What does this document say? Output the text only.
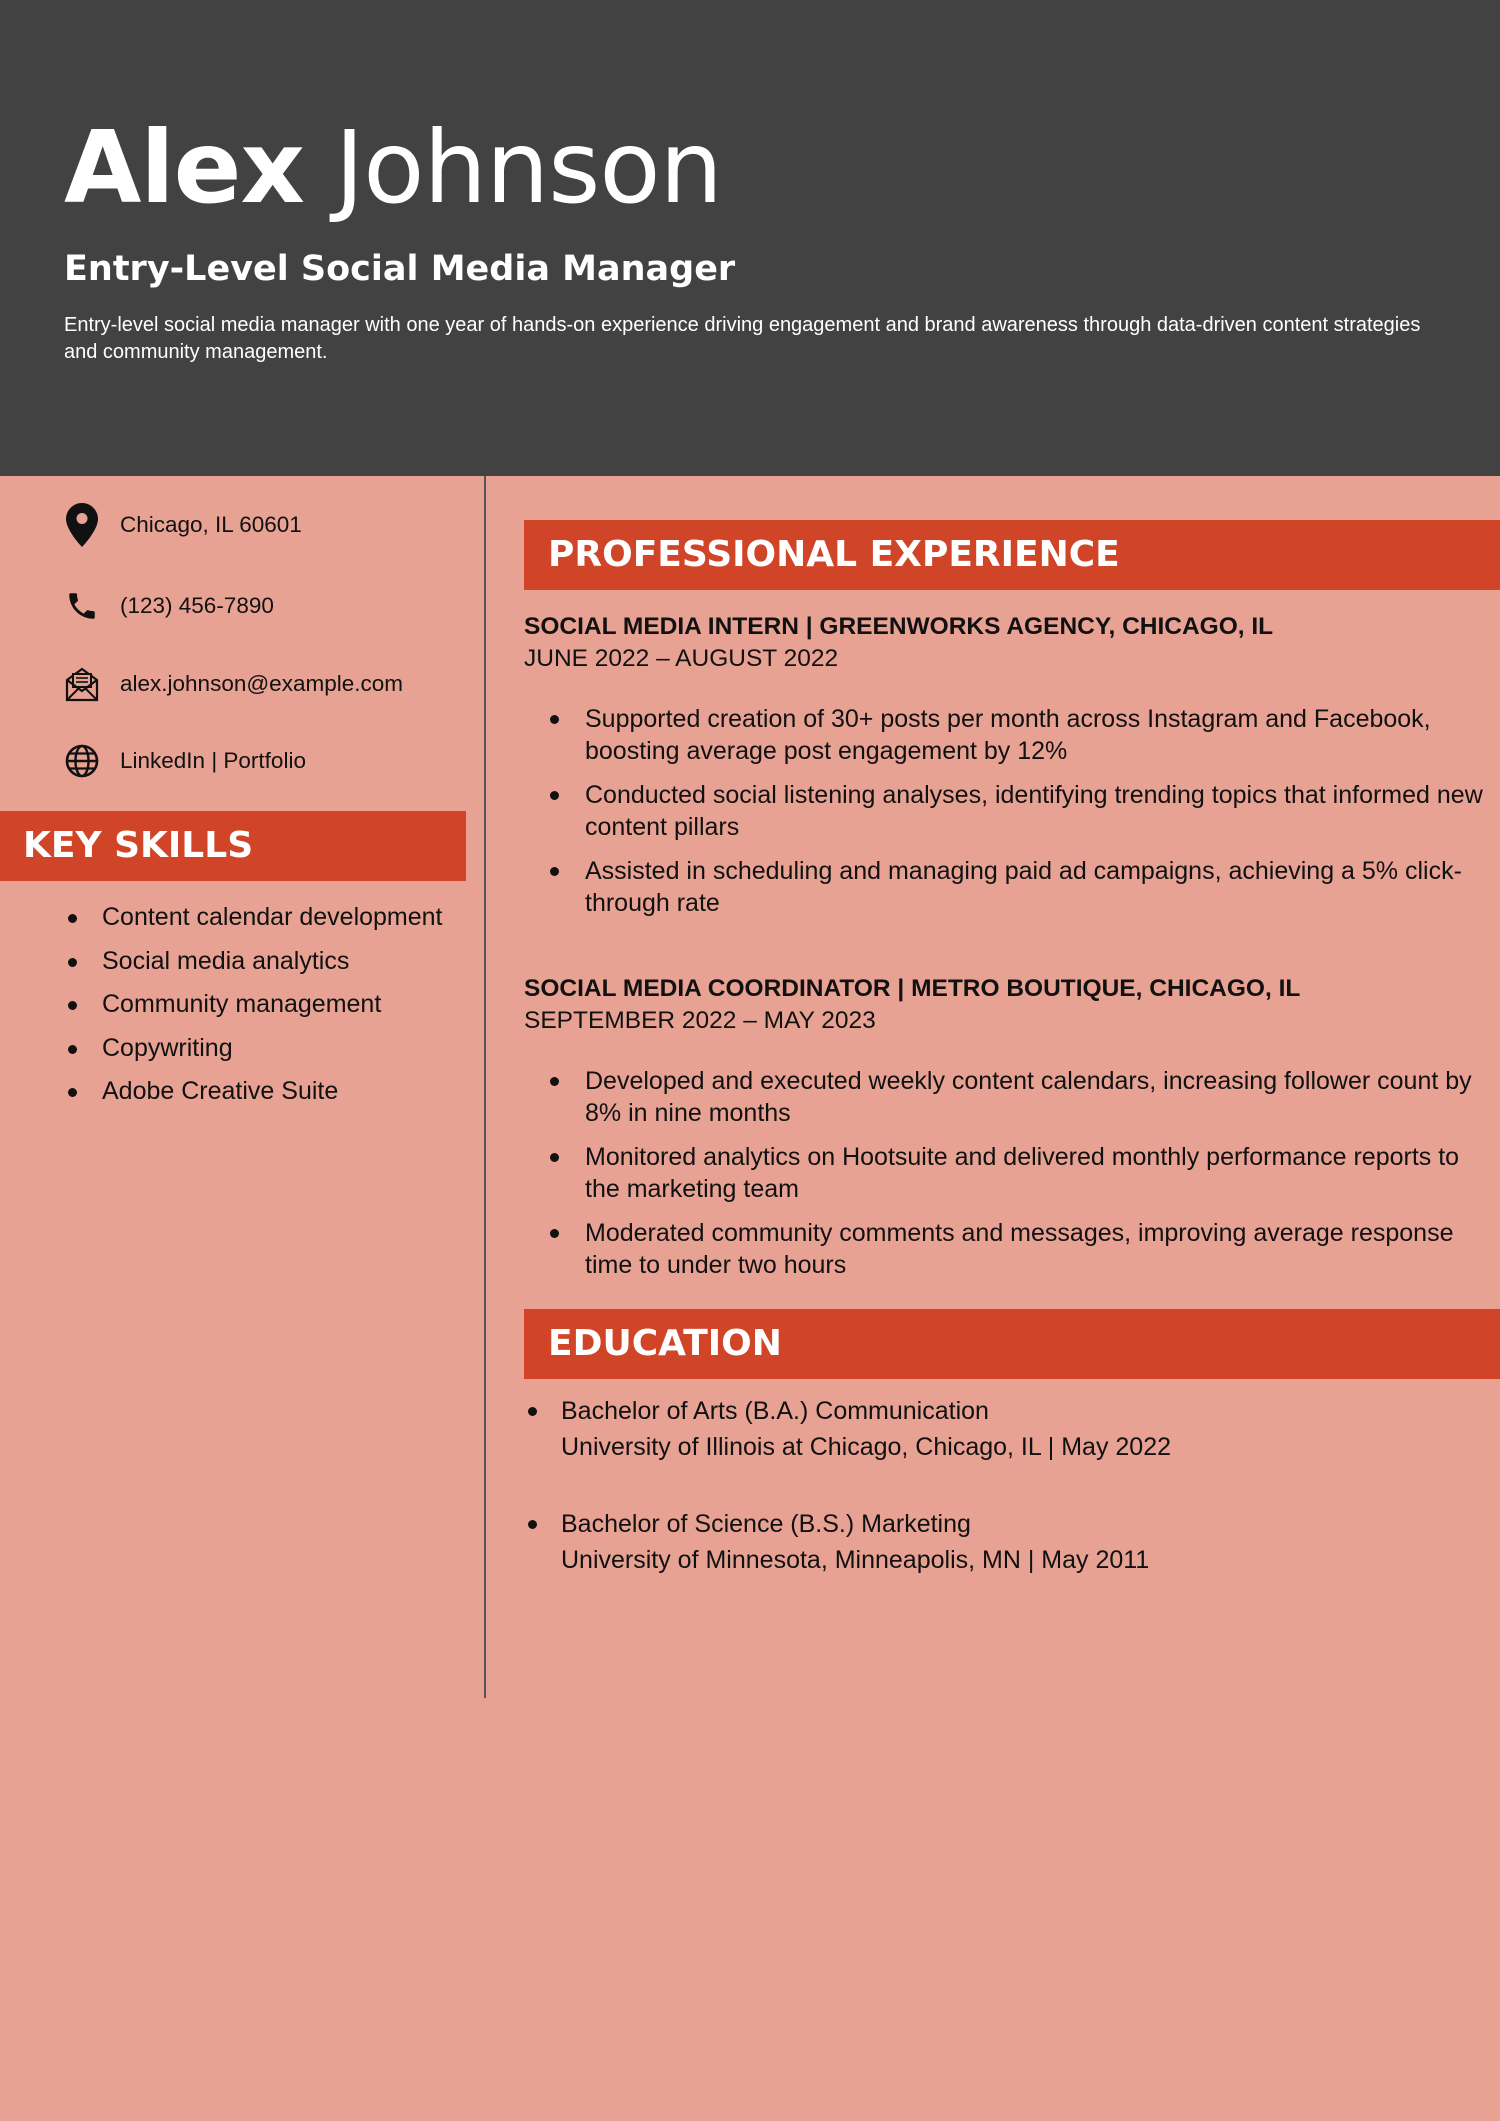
Alex Johnson
Entry-Level Social Media Manager
Entry-level social media manager with one year of hands-on experience driving engagement and brand awareness through data-driven content strategies and community management.
Chicago, IL 60601
(123) 456-7890
alex.johnson@example.com
LinkedIn | Portfolio
KEY SKILLS
Content calendar development
Social media analytics
Community management
Copywriting
Adobe Creative Suite
PROFESSIONAL EXPERIENCE
SOCIAL MEDIA INTERN | GREENWORKS AGENCY, CHICAGO, IL
JUNE 2022 – AUGUST 2022
Supported creation of 30+ posts per month across Instagram and Facebook, boosting average post engagement by 12%
Conducted social listening analyses, identifying trending topics that informed new content pillars
Assisted in scheduling and managing paid ad campaigns, achieving a 5% click-through rate
SOCIAL MEDIA COORDINATOR | METRO BOUTIQUE, CHICAGO, IL
SEPTEMBER 2022 – MAY 2023
Developed and executed weekly content calendars, increasing follower count by 8% in nine months
Monitored analytics on Hootsuite and delivered monthly performance reports to the marketing team
Moderated community comments and messages, improving average response time to under two hours
EDUCATION
Bachelor of Arts (B.A.) Communication
University of Illinois at Chicago, Chicago, IL | May 2022
Bachelor of Science (B.S.) Marketing
University of Minnesota, Minneapolis, MN | May 2011
